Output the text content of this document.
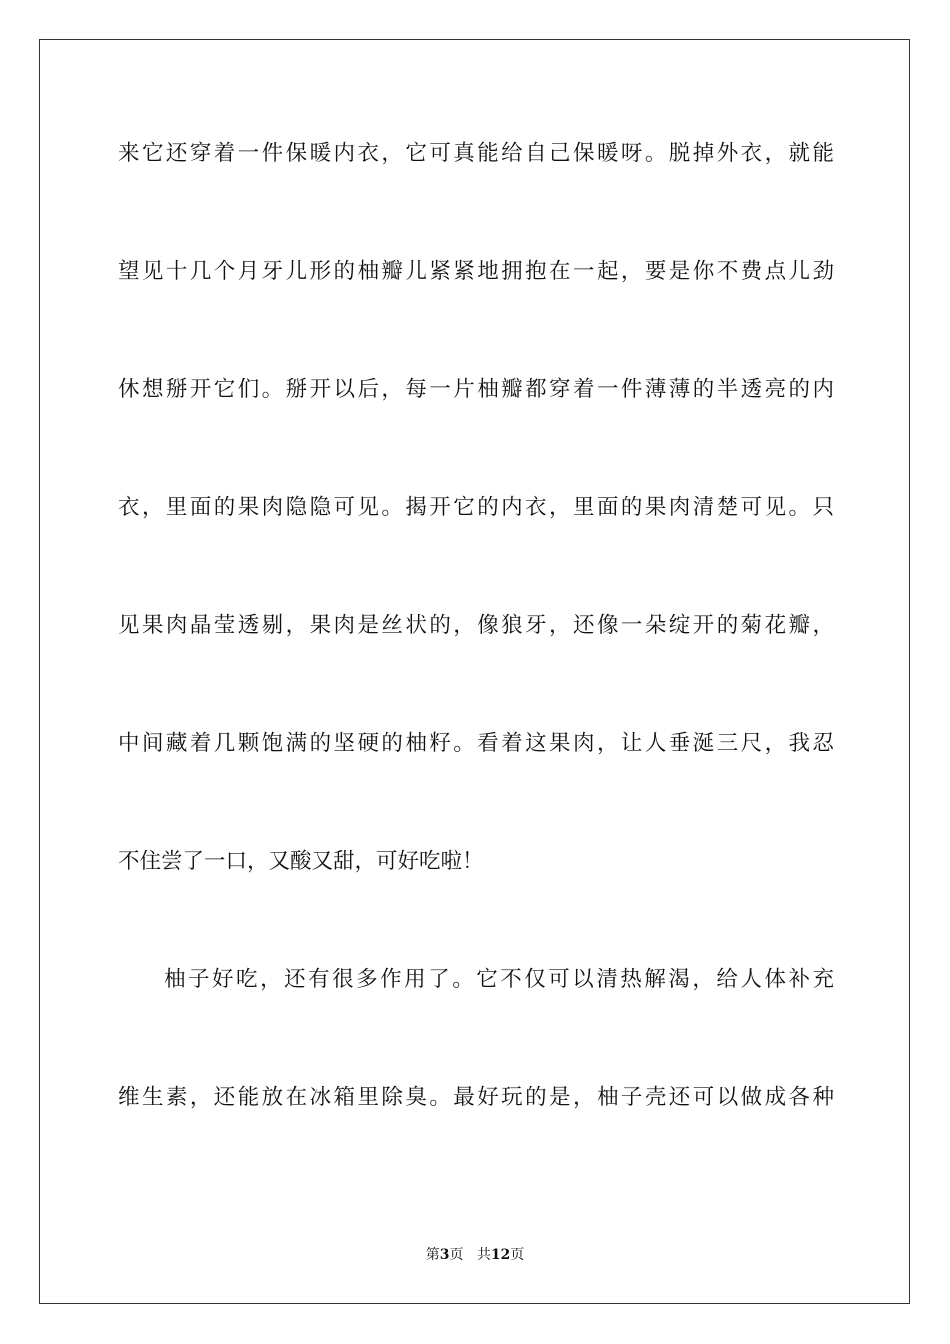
来它还穿着一件保暖内衣，它可真能给自己保暖呀。脱掉外衣，就能
望见十几个月牙儿形的柚瓣儿紧紧地拥抱在一起，要是你不费点儿劲
休想掰开它们。掰开以后，每一片柚瓣都穿着一件薄薄的半透亮的内
衣，里面的果肉隐隐可见。揭开它的内衣，里面的果肉清楚可见。只
见果肉晶莹透剔，果肉是丝状的，像狼牙，还像一朵绽开的菊花瓣，
中间藏着几颗饱满的坚硬的柚籽。看着这果肉，让人垂涎三尺，我忍
不住尝了一口，又酸又甜，可好吃啦！
柚子好吃，还有很多作用了。它不仅可以清热解渴，给人体补充
维生素，还能放在冰箱里除臭。最好玩的是，柚子壳还可以做成各种
第3页 共12页
